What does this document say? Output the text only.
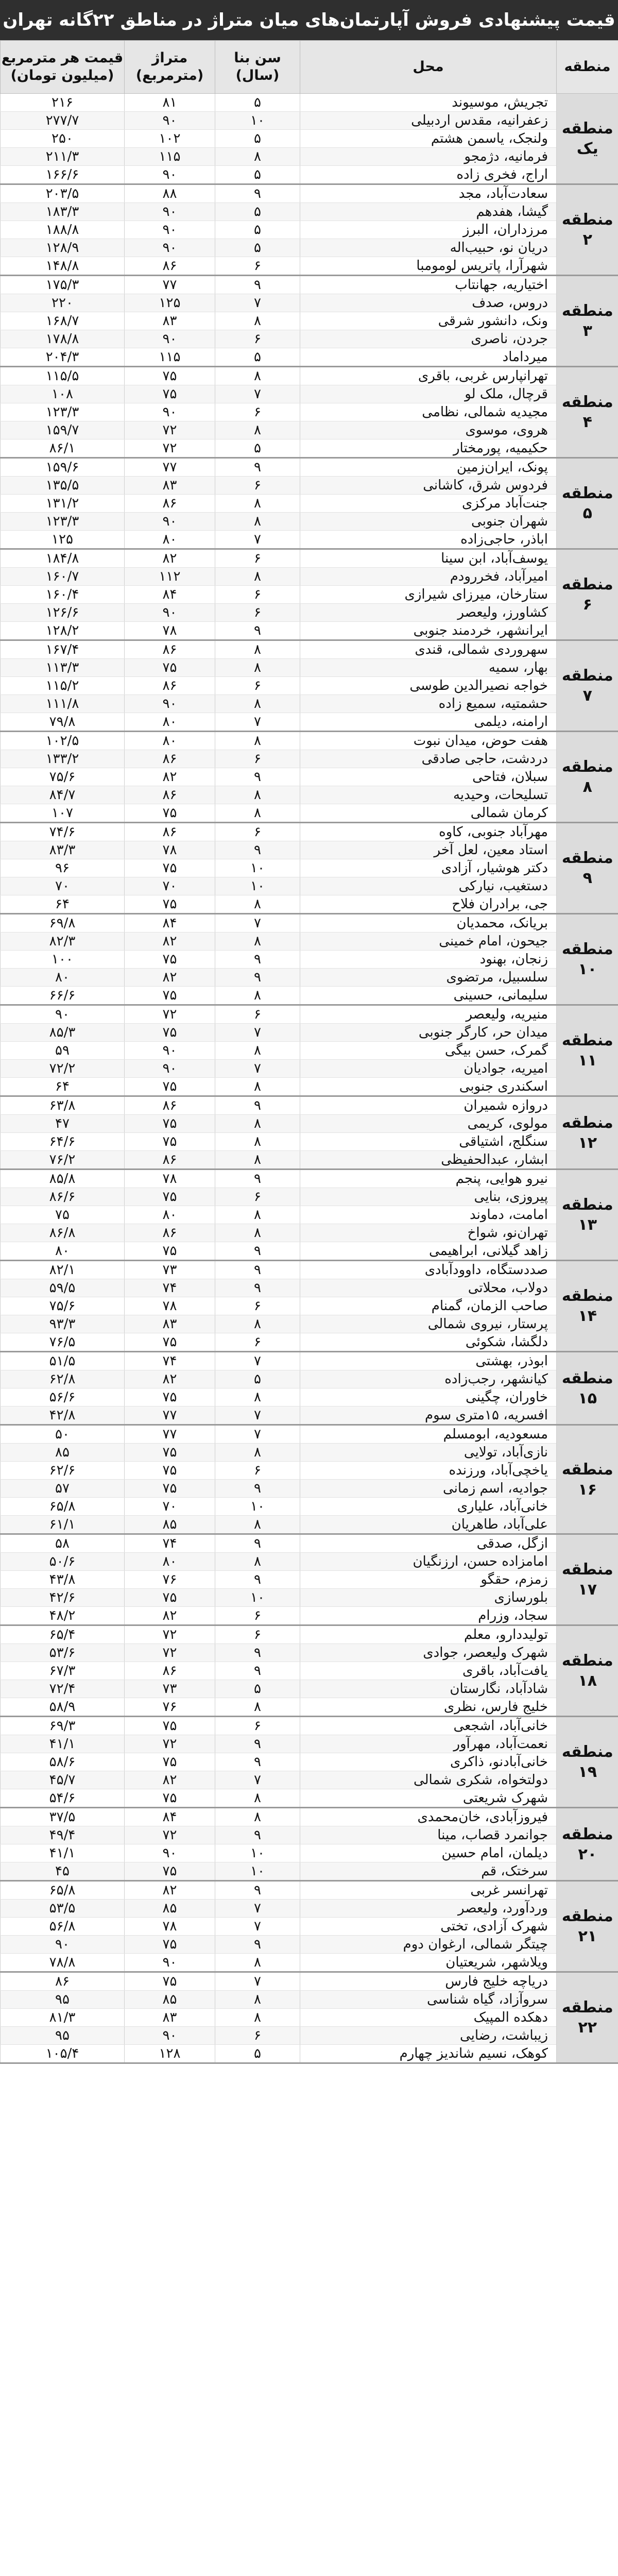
قیمت پیشنهادی فروش آپارتمان‌های میان متراژ در مناطق ۲۲گانه تهران
منطقه	محل	سن بنا (سال)	متراژ (مترمربع)	قیمت هر مترمربع (میلیون تومان)
منطقه یک	تجریش، موسیوند	۵	۸۱	۲۱۶
	زعفرانیه، مقدس اردبیلی	۱۰	۹۰	۲۷۷/۷
	ولنجک، یاسمن هشتم	۵	۱۰۲	۲۵۰
	فرمانیه، دژمجو	۸	۱۱۵	۲۱۱/۳
	اراج، فخری زاده	۵	۹۰	۱۶۶/۶
منطقه ۲	سعادت‌آباد، مجد	۹	۸۸	۲۰۳/۵
	گیشا، هفدهم	۵	۹۰	۱۸۳/۳
	مرزداران، البرز	۵	۹۰	۱۸۸/۸
	دریان نو، حبیب‌اله	۵	۹۰	۱۲۸/۹
	شهرآرا، پاتریس لومومبا	۶	۸۶	۱۴۸/۸
منطقه ۳	اختیاریه، جهانتاب	۹	۷۷	۱۷۵/۳
	دروس، صدف	۷	۱۲۵	۲۲۰
	ونک، دانشور شرقی	۸	۸۳	۱۶۸/۷
	جردن، ناصری	۶	۹۰	۱۷۸/۸
	میرداماد	۵	۱۱۵	۲۰۴/۳
منطقه ۴	تهرانپارس غربی، باقری	۸	۷۵	۱۱۵/۵
	قرچال، ملک لو	۷	۷۵	۱۰۸
	مجیدیه شمالی، نظامی	۶	۹۰	۱۲۳/۳
	هروی، موسوی	۸	۷۲	۱۵۹/۷
	حکیمیه، پورمختار	۵	۷۲	۸۶/۱
منطقه ۵	پونک، ایران‌زمین	۹	۷۷	۱۵۹/۶
	فردوس شرق، کاشانی	۶	۸۳	۱۳۵/۵
	جنت‌آباد مرکزی	۸	۸۶	۱۳۱/۲
	شهران جنوبی	۸	۹۰	۱۲۳/۳
	اباذر، حاجی‌زاده	۷	۸۰	۱۲۵
منطقه ۶	یوسف‌آباد، ابن سینا	۶	۸۲	۱۸۴/۸
	امیرآباد، فخررودم	۸	۱۱۲	۱۶۰/۷
	ستارخان، میرزای شیرازی	۶	۸۴	۱۶۰/۴
	کشاورز، ولیعصر	۶	۹۰	۱۲۶/۶
	ایرانشهر، خردمند جنوبی	۹	۷۸	۱۲۸/۲
منطقه ۷	سهروردی شمالی، قندی	۸	۸۶	۱۶۷/۴
	بهار، سمیه	۸	۷۵	۱۱۳/۳
	خواجه نصیرالدین طوسی	۶	۸۶	۱۱۵/۲
	حشمتیه، سمیع زاده	۸	۹۰	۱۱۱/۸
	ارامنه، دیلمی	۷	۸۰	۷۹/۸
منطقه ۸	هفت حوض، میدان نبوت	۸	۸۰	۱۰۲/۵
	دردشت، حاجی صادقی	۶	۸۶	۱۳۳/۲
	سبلان، فتاحی	۹	۸۲	۷۵/۶
	تسلیحات، وحیدیه	۸	۸۶	۸۴/۷
	کرمان شمالی	۸	۷۵	۱۰۷
منطقه ۹	مهرآباد جنوبی، کاوه	۶	۸۶	۷۴/۶
	استاد معین، لعل آخر	۹	۷۸	۸۳/۳
	دکتر هوشیار، آزادی	۱۰	۷۵	۹۶
	دستغیب، نیارکی	۱۰	۷۰	۷۰
	جی، برادران فلاح	۸	۷۵	۶۴
منطقه ۱۰	بریانک، محمدیان	۷	۸۴	۶۹/۸
	جیحون، امام خمینی	۸	۸۲	۸۲/۳
	زنجان، بهنود	۹	۷۵	۱۰۰
	سلسبیل، مرتضوی	۹	۸۲	۸۰
	سلیمانی، حسینی	۸	۷۵	۶۶/۶
منطقه ۱۱	منیریه، ولیعصر	۶	۷۲	۹۰
	میدان حر، کارگر جنوبی	۷	۷۵	۸۵/۳
	گمرک، حسن بیگی	۸	۹۰	۵۹
	امیریه، جوادیان	۷	۹۰	۷۲/۲
	اسکندری جنوبی	۸	۷۵	۶۴
منطقه ۱۲	دروازه شمیران	۹	۸۶	۶۳/۸
	مولوی، کریمی	۸	۷۵	۴۷
	سنگلج، اشتیاقی	۸	۷۵	۶۴/۶
	ابشار، عبدالحفیظی	۸	۸۶	۷۶/۲
منطقه ۱۳	نیرو هوایی، پنجم	۹	۷۸	۸۵/۸
	پیروزی، بنایی	۶	۷۵	۸۶/۶
	امامت، دماوند	۸	۸۰	۷۵
	تهران‌نو، شواخ	۸	۸۶	۸۶/۸
	زاهد گیلانی، ابراهیمی	۹	۷۵	۸۰
منطقه ۱۴	صددستگاه، داوودآبادی	۹	۷۳	۸۲/۱
	دولاب، محلاتی	۹	۷۴	۵۹/۵
	صاحب الزمان، گمنام	۶	۷۸	۷۵/۶
	پرستار، نیروی شمالی	۸	۸۳	۹۳/۳
	دلگشا، شکوئی	۶	۷۵	۷۶/۵
منطقه ۱۵	ابوذر، بهشتی	۷	۷۴	۵۱/۵
	کیانشهر، رجب‌زاده	۵	۸۲	۶۲/۸
	خاوران، چگینی	۸	۷۵	۵۶/۶
	افسریه، ۱۵متری سوم	۷	۷۷	۴۲/۸
منطقه ۱۶	مسعودیه، ابومسلم	۷	۷۷	۵۰
	نازی‌آباد، تولایی	۸	۷۵	۸۵
	یاخچی‌آباد، ورزنده	۶	۷۵	۶۲/۶
	جوادیه، اسم زمانی	۹	۷۵	۵۷
	خانی‌آباد، علیاری	۱۰	۷۰	۶۵/۸
	علی‌آباد، طاهریان	۸	۸۵	۶۱/۱
منطقه ۱۷	ازگل، صدقی	۹	۷۴	۵۸
	امامزاده حسن، ارزنگیان	۸	۸۰	۵۰/۶
	زمزم، حقگو	۹	۷۶	۴۳/۸
	بلورسازی	۱۰	۷۵	۴۲/۶
	سجاد، وزرام	۶	۸۲	۴۸/۲
منطقه ۱۸	تولیددارو، معلم	۶	۷۲	۶۵/۴
	شهرک ولیعصر، جوادی	۹	۷۲	۵۳/۶
	یافت‌آباد، باقری	۹	۸۶	۶۷/۳
	شادآباد، نگارستان	۵	۷۳	۷۲/۴
	خلیج فارس، نظری	۸	۷۶	۵۸/۹
منطقه ۱۹	خانی‌آباد، اشجعی	۶	۷۵	۶۹/۳
	نعمت‌آباد، مهرآور	۹	۷۲	۴۱/۱
	خانی‌آبادنو، ذاکری	۹	۷۵	۵۸/۶
	دولتخواه، شکری شمالی	۷	۸۲	۴۵/۷
	شهرک شریعتی	۸	۷۵	۵۴/۶
منطقه ۲۰	فیروزآبادی، خان‌محمدی	۸	۸۴	۳۷/۵
	جوانمرد قصاب، مینا	۹	۷۲	۴۹/۴
	دیلمان، امام حسین	۱۰	۹۰	۴۱/۱
	سرختک، قم	۱۰	۷۵	۴۵
منطقه ۲۱	تهرانسر غربی	۹	۸۲	۶۵/۸
	وردآورد، ولیعصر	۷	۸۵	۵۳/۵
	شهرک آزادی، تختی	۷	۷۸	۵۶/۸
	چیتگر شمالی، ارغوان دوم	۹	۷۵	۹۰
	ویلاشهر، شریعتیان	۸	۹۰	۷۸/۸
منطقه ۲۲	دریاچه خلیج فارس	۷	۷۵	۸۶
	سروآزاد، گیاه شناسی	۸	۸۵	۹۵
	دهکده المپیک	۸	۸۳	۸۱/۳
	زیباشت، رضایی	۶	۹۰	۹۵
	کوهک، نسیم شاندیز چهارم	۵	۱۲۸	۱۰۵/۴
